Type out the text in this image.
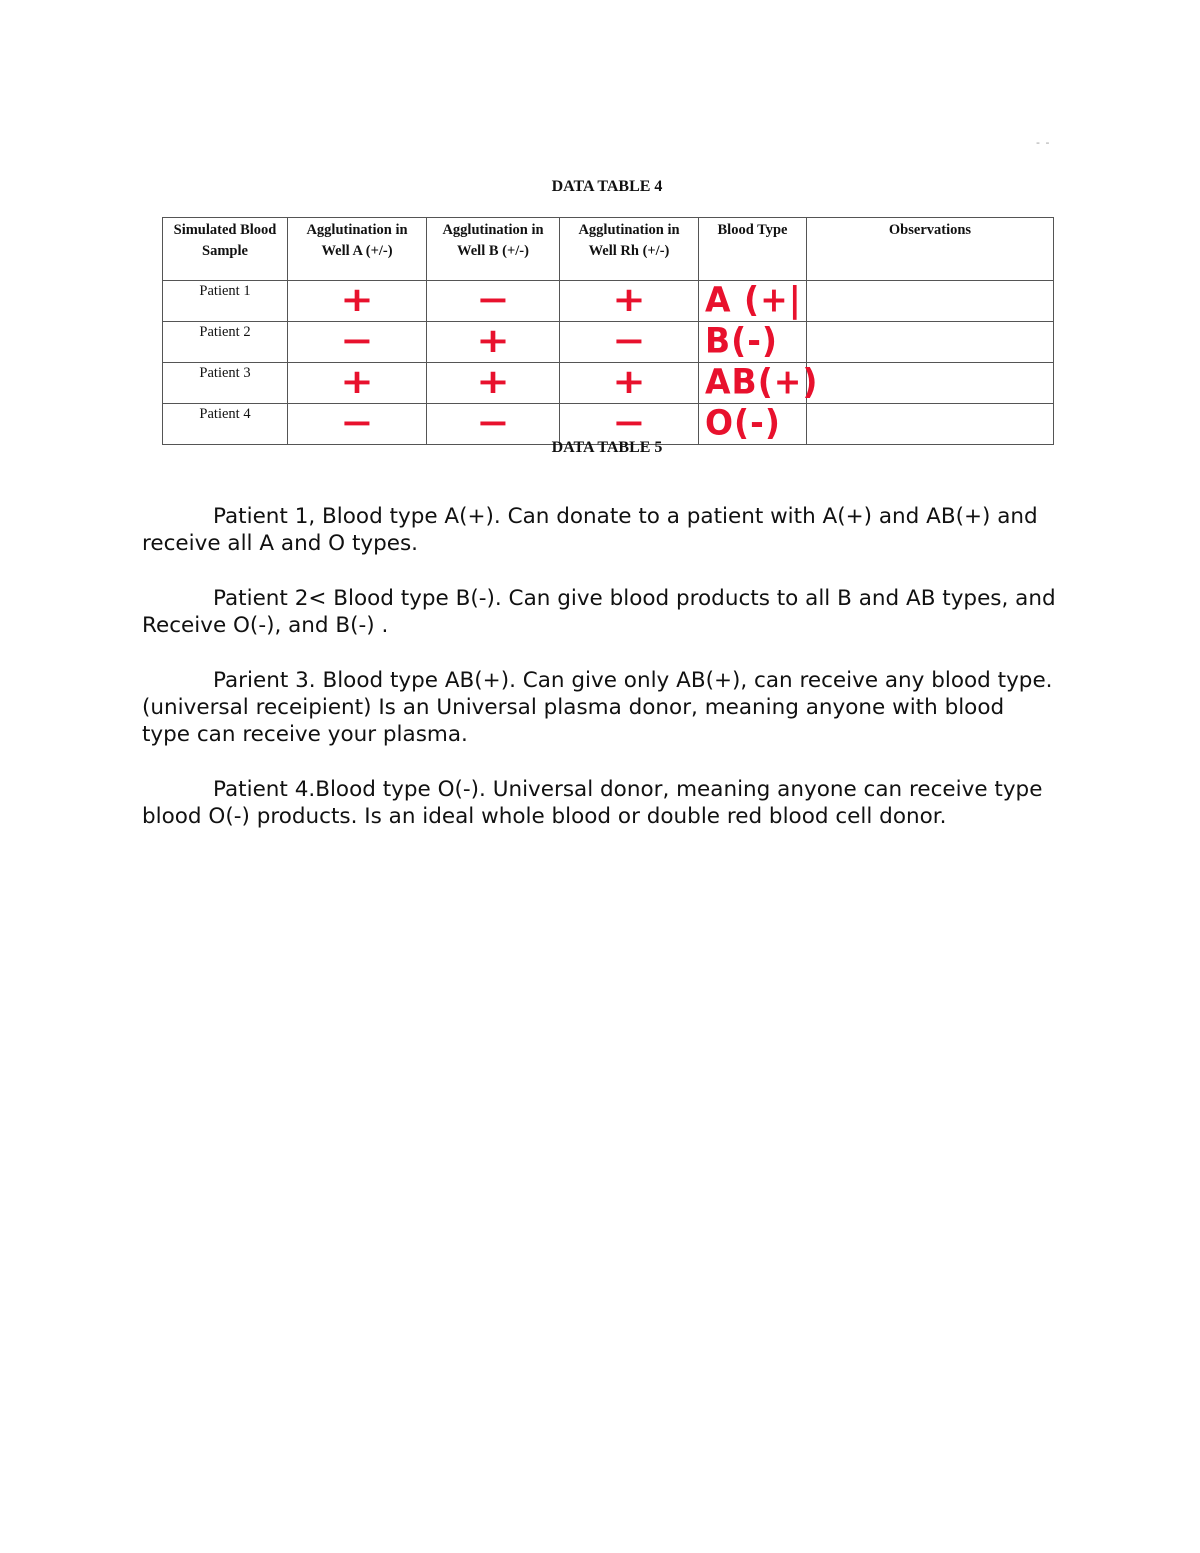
- -
DATA TABLE 4
Simulated Blood Sample	Agglutination in Well A (+/-)	Agglutination in Well B (+/-)	Agglutination in Well Rh (+/-)	Blood Type	Observations
Patient 1	+	−	+	A (+|	
Patient 2	−	+	−	B(-)	
Patient 3	+	+	+	AB(+)	
Patient 4	−	−	−	O(-)	
DATA TABLE 5

Patient 1, Blood type A(+). Can donate to a patient with A(+) and AB(+) and receive all A and O types.

Patient 2< Blood type B(-). Can give blood products to all B and AB types, and Receive O(-), and B(-) .

Parient 3. Blood type AB(+). Can give only AB(+), can receive any blood type. (universal receipient) Is an Universal plasma donor, meaning anyone with blood type can receive your plasma.

Patient 4.Blood type O(-). Universal donor, meaning anyone can receive type blood O(-) products. Is an ideal whole blood or double red blood cell donor.
